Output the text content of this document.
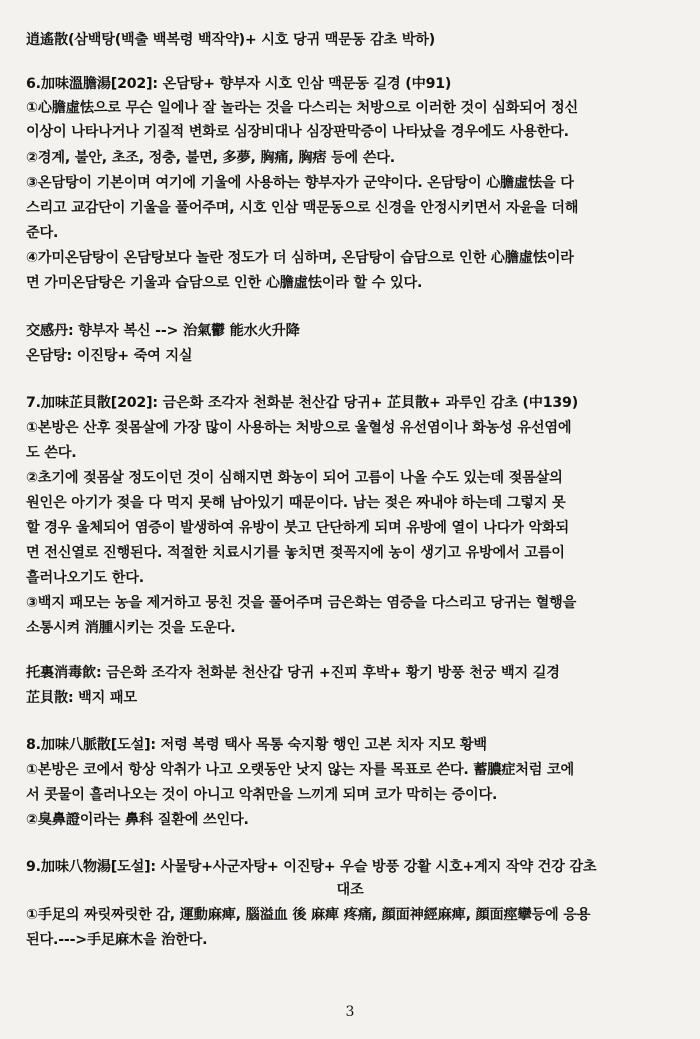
逍遙散(삼백탕(백출 백복령 백작약)+ 시호 당귀 맥문동 감초 박하)
6.加味溫膽湯[202]: 온담탕+ 향부자 시호 인삼 맥문동 길경 (中91)
①心膽虛怯으로 무슨 일에나 잘 놀라는 것을 다스리는 처방으로 이러한 것이 심화되어 정신
이상이 나타나거나 기질적 변화로 심장비대나 심장판막증이 나타났을 경우에도 사용한다.
②경계, 불안, 초조, 정충, 불면, 多夢, 胸痛, 胸痞 등에 쓴다.
③온담탕이 기본이며 여기에 기울에 사용하는 향부자가 군약이다. 온담탕이 心膽虛怯을 다
스리고 교감단이 기울을 풀어주며, 시호 인삼 맥문동으로 신경을 안정시키면서 자윤을 더해
준다.
④가미온담탕이 온담탕보다 놀란 정도가 더 심하며, 온담탕이 습담으로 인한 心膽虛怯이라
면 가미온담탕은 기울과 습담으로 인한 心膽虛怯이라 할 수 있다.
交感丹: 향부자 복신 --> 治氣鬱 能水火升降
온담탕: 이진탕+ 죽여 지실
7.加味芷貝散[202]: 금은화 조각자 천화분 천산갑 당귀+ 芷貝散+ 과루인 감초 (中139)
①본방은 산후 젖몸살에 가장 많이 사용하는 처방으로 울혈성 유선염이나 화농성 유선염에
도 쓴다.
②초기에 젖몸살 정도이던 것이 심해지면 화농이 되어 고름이 나올 수도 있는데 젖몸살의
원인은 아기가 젖을 다 먹지 못해 남아있기 때문이다. 남는 젖은 짜내야 하는데 그렇지 못
할 경우 울체되어 염증이 발생하여 유방이 붓고 단단하게 되며 유방에 열이 나다가 악화되
면 전신열로 진행된다. 적절한 치료시기를 놓치면 젖꼭지에 농이 생기고 유방에서 고름이
흘러나오기도 한다.
③백지 패모는 농을 제거하고 뭉친 것을 풀어주며 금은화는 염증을 다스리고 당귀는 혈행을
소통시켜 消腫시키는 것을 도운다.
托裏消毒飮: 금은화 조각자 천화분 천산갑 당귀 +진피 후박+ 황기 방풍 천궁 백지 길경
芷貝散: 백지 패모
8.加味八脈散[도설]: 저령 복령 택사 목통 숙지황 행인 고본 치자 지모 황백
①본방은 코에서 항상 악취가 나고 오랫동안 낫지 않는 자를 목표로 쓴다. 蓄膿症처럼 코에
서 콧물이 흘러나오는 것이 아니고 악취만을 느끼게 되며 코가 막히는 증이다.
②臭鼻證이라는 鼻科 질환에 쓰인다.
9.加味八物湯[도설]: 사물탕+사군자탕+ 이진탕+ 우슬 방풍 강활 시호+계지 작약 건강 감초
대조
①手足의 짜릿짜릿한 감, 運動麻痺, 腦溢血 後 麻痺 疼痛, 顔面神經麻痺, 顔面痙攣등에 응용
된다.--->手足麻木을 治한다.
3
